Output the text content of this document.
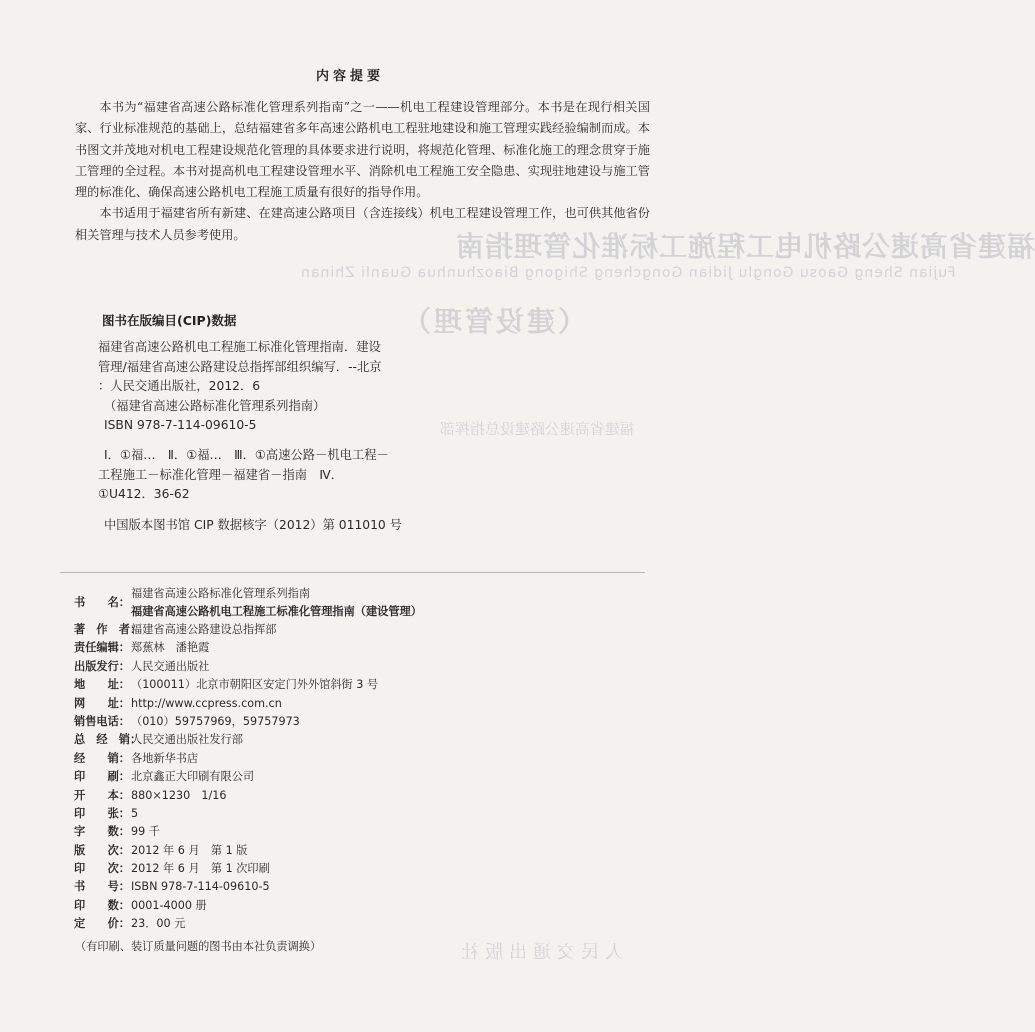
福建省高速公路机电工程施工标准化管理指南
Fujian Sheng Gaosu Gonglu Jidian Gongcheng Shigong Biaozhunhua Guanli Zhinan
（建设管理）
福建省高速公路建设总指挥部
人民交通出版社
内容提要

本书为“福建省高速公路标准化管理系列指南”之一——机电工程建设管理部分。本书是在现行相关国家、行业标准规范的基础上，总结福建省多年高速公路机电工程驻地建设和施工管理实践经验编制而成。本书图文并茂地对机电工程建设规范化管理的具体要求进行说明，将规范化管理、标准化施工的理念贯穿于施工管理的全过程。本书对提高机电工程建设管理水平、消除机电工程施工安全隐患、实现驻地建设与施工管理的标准化、确保高速公路机电工程施工质量有很好的指导作用。

本书适用于福建省所有新建、在建高速公路项目（含连接线）机电工程建设管理工作，也可供其他省份相关管理与技术人员参考使用。

图书在版编目(CIP)数据
福建省高速公路机电工程施工标准化管理指南．建设
管理/福建省高速公路建设总指挥部组织编写．--北京
：人民交通出版社，2012．6
（福建省高速公路标准化管理系列指南）
ISBN 978-7-114-09610-5
Ⅰ．①福…　Ⅱ．①福…　Ⅲ．①高速公路－机电工程－
工程施工－标准化管理－福建省－指南　Ⅳ．
①U412．36-62
中国版本图书馆 CIP 数据核字（2012）第 011010 号
书　　名：
福建省高速公路标准化管理系列指南
福建省高速公路机电工程施工标准化管理指南（建设管理）
著　作　者：
福建省高速公路建设总指挥部
责任编辑： 郑蕉林　潘艳霞
出版发行： 人民交通出版社
地　　址： （100011）北京市朝阳区安定门外外馆斜街 3 号
网　　址： http://www.ccpress.com.cn
销售电话： （010）59757969，59757973
总　经　销：
人民交通出版社发行部
经　　销： 各地新华书店
印　　刷： 北京鑫正大印刷有限公司
开　　本： 880×1230　1/16
印　　张： 5
字　　数： 99 千
版　　次： 2012 年 6 月　第 1 版
印　　次： 2012 年 6 月　第 1 次印刷
书　　号： ISBN 978-7-114-09610-5
印　　数： 0001-4000 册
定　　价： 23．00 元
（有印刷、装订质量问题的图书由本社负责调换）
